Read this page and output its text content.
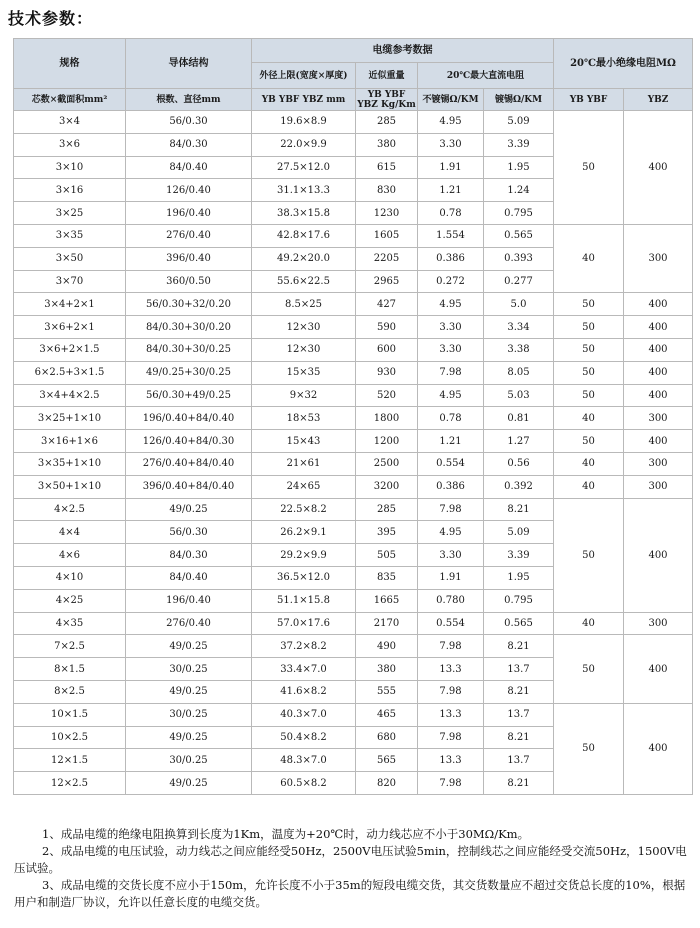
技术参数：
规格	导体结构	电缆参考数据				20℃最小绝缘电阻MΩ	
		外径上限(宽度×厚度)	近似重量	20℃最大直流电阻			
芯数×截面积mm²	根数、直径mm	YB YBF YBZ mm	YB YBF YBZ Kg/Km	不镀锡Ω/KM	镀锡Ω/KM	YB YBF	YBZ
3×4	56/0.30	19.6×8.9	285	4.95	5.09	50	400
3×6	84/0.30	22.0×9.9	380	3.30	3.39		
3×10	84/0.40	27.5×12.0	615	1.91	1.95		
3×16	126/0.40	31.1×13.3	830	1.21	1.24		
3×25	196/0.40	38.3×15.8	1230	0.78	0.795		
3×35	276/0.40	42.8×17.6	1605	1.554	0.565	40	300
3×50	396/0.40	49.2×20.0	2205	0.386	0.393		
3×70	360/0.50	55.6×22.5	2965	0.272	0.277		
3×4+2×1	56/0.30+32/0.20	8.5×25	427	4.95	5.0	50	400
3×6+2×1	84/0.30+30/0.20	12×30	590	3.30	3.34	50	400
3×6+2×1.5	84/0.30+30/0.25	12×30	600	3.30	3.38	50	400
6×2.5+3×1.5	49/0.25+30/0.25	15×35	930	7.98	8.05	50	400
3×4+4×2.5	56/0.30+49/0.25	9×32	520	4.95	5.03	50	400
3×25+1×10	196/0.40+84/0.40	18×53	1800	0.78	0.81	40	300
3×16+1×6	126/0.40+84/0.30	15×43	1200	1.21	1.27	50	400
3×35+1×10	276/0.40+84/0.40	21×61	2500	0.554	0.56	40	300
3×50+1×10	396/0.40+84/0.40	24×65	3200	0.386	0.392	40	300
4×2.5	49/0.25	22.5×8.2	285	7.98	8.21	50	400
4×4	56/0.30	26.2×9.1	395	4.95	5.09		
4×6	84/0.30	29.2×9.9	505	3.30	3.39		
4×10	84/0.40	36.5×12.0	835	1.91	1.95		
4×25	196/0.40	51.1×15.8	1665	0.780	0.795		
4×35	276/0.40	57.0×17.6	2170	0.554	0.565	40	300
7×2.5	49/0.25	37.2×8.2	490	7.98	8.21	50	400
8×1.5	30/0.25	33.4×7.0	380	13.3	13.7		
8×2.5	49/0.25	41.6×8.2	555	7.98	8.21		
10×1.5	30/0.25	40.3×7.0	465	13.3	13.7	50	400
10×2.5	49/0.25	50.4×8.2	680	7.98	8.21		
12×1.5	30/0.25	48.3×7.0	565	13.3	13.7		
12×2.5	49/0.25	60.5×8.2	820	7.98	8.21		

1、成品电缆的绝缘电阻换算到长度为1Km，温度为+20℃时，动力线芯应不小于30MΩ/Km。

2、成品电缆的电压试验，动力线芯之间应能经受50Hz，2500V电压试验5min，控制线芯之间应能经受交流50Hz，1500V电压试验。

3、成品电缆的交货长度不应小于150m，允许长度不小于35m的短段电缆交货，其交货数量应不超过交货总长度的10%，根据用户和制造厂协议，允许以任意长度的电缆交货。
